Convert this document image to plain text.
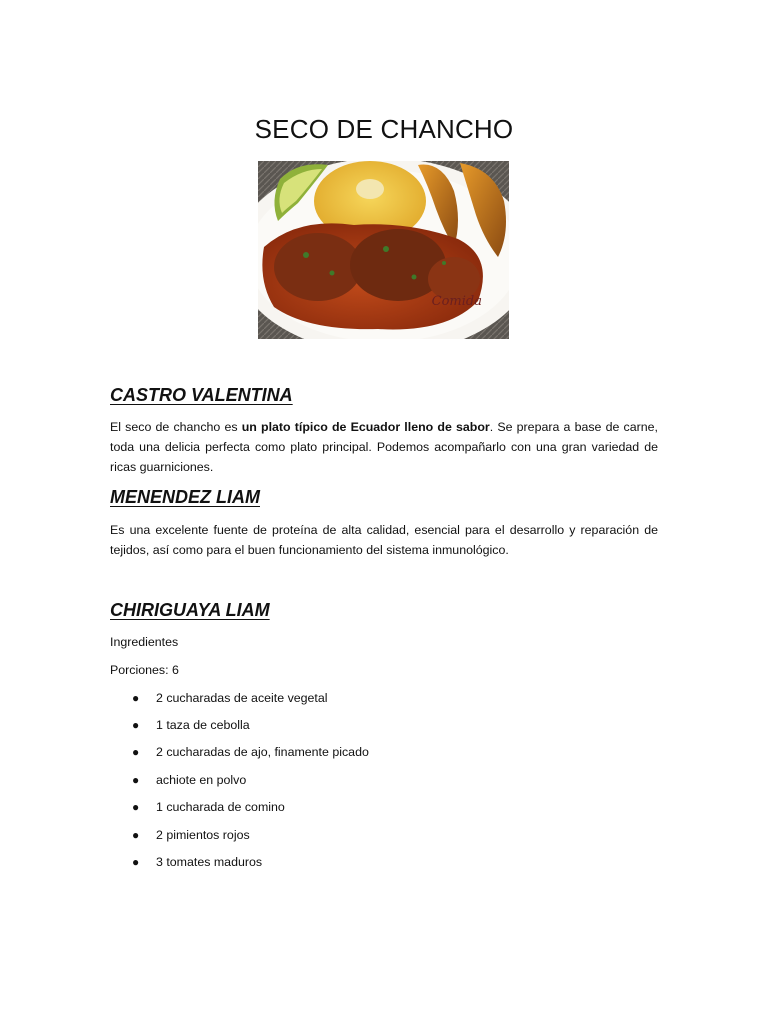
SECO DE CHANCHO
Comida
CASTRO VALENTINA

El seco de chancho es un plato típico de Ecuador lleno de sabor. Se prepara a base de carne, toda una delicia perfecta como plato principal. Podemos acompañarlo con una gran variedad de ricas guarniciones.

MENENDEZ LIAM

Es una excelente fuente de proteína de alta calidad, esencial para el desarrollo y reparación de tejidos, así como para el buen funcionamiento del sistema inmunológico.

CHIRIGUAYA LIAM

Ingredientes

Porciones: 6

● 2 cucharadas de aceite vegetal
● 1 taza de cebolla
● 2 cucharadas de ajo, finamente picado
● achiote en polvo
● 1 cucharada de comino
● 2 pimientos rojos
● 3 tomates maduros
